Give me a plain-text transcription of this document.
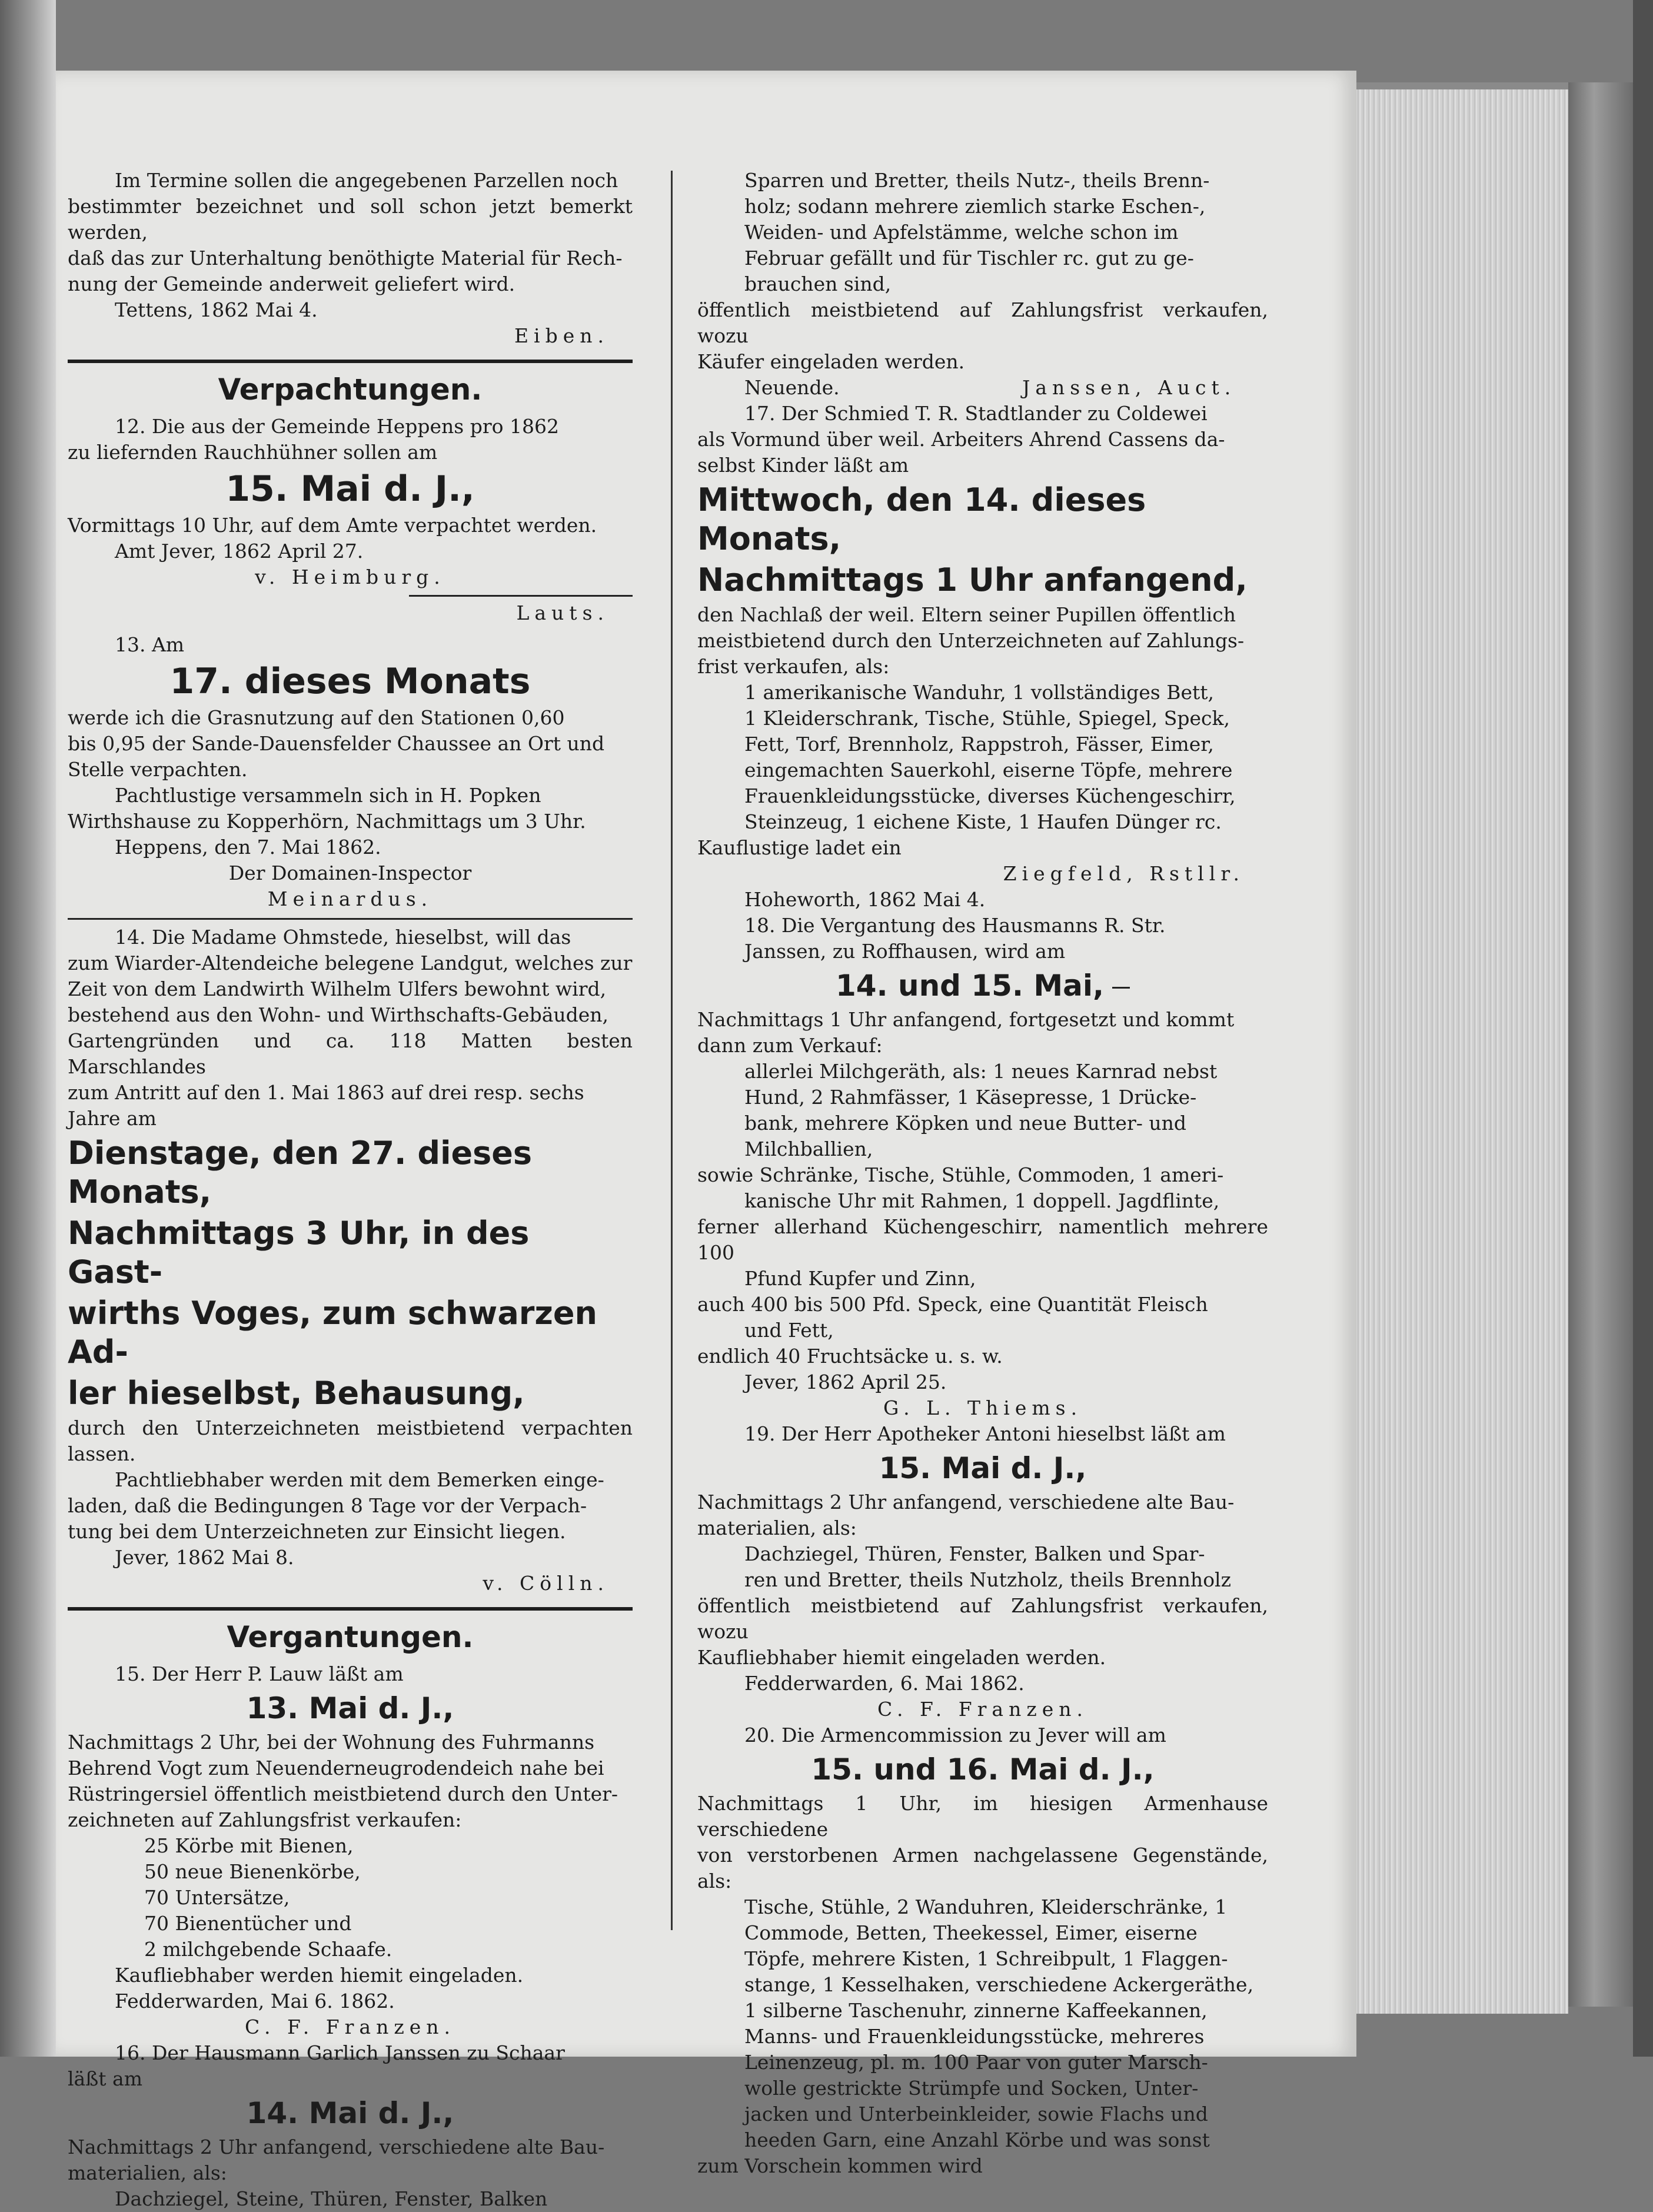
Im Termine sollen die angegebenen Parzellen noch

bestimmter bezeichnet und soll schon jetzt bemerkt werden,

daß das zur Unterhaltung benöthigte Material für Rech-

nung der Gemeinde anderweit geliefert wird.

Tettens, 1862 Mai 4.

Eiben.

Verpachtungen.

12. Die aus der Gemeinde Heppens pro 1862

zu liefernden Rauchhühner sollen am

15. Mai d. J.,

Vormittags 10 Uhr, auf dem Amte verpachtet werden.

Amt Jever, 1862 April 27.

v. Heimburg.

Lauts.

13. Am

17. dieses Monats

werde ich die Grasnutzung auf den Stationen 0,60

bis 0,95 der Sande-Dauensfelder Chaussee an Ort und

Stelle verpachten.

Pachtlustige versammeln sich in H. Popken

Wirthshause zu Kopperhörn, Nachmittags um 3 Uhr.

Heppens, den 7. Mai 1862.

Der Domainen-Inspector

Meinardus.

14. Die Madame Ohmstede, hieselbst, will das

zum Wiarder-Altendeiche belegene Landgut, welches zur

Zeit von dem Landwirth Wilhelm Ulfers bewohnt wird,

bestehend aus den Wohn- und Wirthschafts-Gebäuden,

Gartengründen und ca. 118 Matten besten Marschlandes

zum Antritt auf den 1. Mai 1863 auf drei resp. sechs

Jahre am

Dienstage, den 27. dieses Monats,
Nachmittags 3 Uhr, in des Gast-
wirths Voges, zum schwarzen Ad-
ler hieselbst, Behausung,

durch den Unterzeichneten meistbietend verpachten lassen.

Pachtliebhaber werden mit dem Bemerken einge-

laden, daß die Bedingungen 8 Tage vor der Verpach-

tung bei dem Unterzeichneten zur Einsicht liegen.

Jever, 1862 Mai 8.

v. Cölln.

Vergantungen.

15. Der Herr P. Lauw läßt am

13. Mai d. J.,

Nachmittags 2 Uhr, bei der Wohnung des Fuhrmanns

Behrend Vogt zum Neuenderneugrodendeich nahe bei

Rüstringersiel öffentlich meistbietend durch den Unter-

zeichneten auf Zahlungsfrist verkaufen:

25 Körbe mit Bienen,

50 neue Bienenkörbe,

70 Untersätze,

70 Bienentücher und

2 milchgebende Schaafe.

Kaufliebhaber werden hiemit eingeladen.

Fedderwarden, Mai 6. 1862.

C. F. Franzen.

16. Der Hausmann Garlich Janssen zu Schaar

läßt am

14. Mai d. J.,

Nachmittags 2 Uhr anfangend, verschiedene alte Bau-

materialien, als:

Dachziegel, Steine, Thüren, Fenster, Balken

Sparren und Bretter, theils Nutz-, theils Brenn-

holz; sodann mehrere ziemlich starke Eschen-,

Weiden- und Apfelstämme, welche schon im

Februar gefällt und für Tischler rc. gut zu ge-

brauchen sind,

öffentlich meistbietend auf Zahlungsfrist verkaufen, wozu

Käufer eingeladen werden.

Neuende.	Janssen, Auct.

17. Der Schmied T. R. Stadtlander zu Coldewei

als Vormund über weil. Arbeiters Ahrend Cassens da-

selbst Kinder läßt am

Mittwoch, den 14. dieses Monats,
Nachmittags 1 Uhr anfangend,

den Nachlaß der weil. Eltern seiner Pupillen öffentlich

meistbietend durch den Unterzeichneten auf Zahlungs-

frist verkaufen, als:

1 amerikanische Wanduhr, 1 vollständiges Bett,

1 Kleiderschrank, Tische, Stühle, Spiegel, Speck,

Fett, Torf, Brennholz, Rappstroh, Fässer, Eimer,

eingemachten Sauerkohl, eiserne Töpfe, mehrere

Frauenkleidungsstücke, diverses Küchengeschirr,

Steinzeug, 1 eichene Kiste, 1 Haufen Dünger rc.

Kauflustige ladet ein

Ziegfeld, Rstllr.

Hoheworth, 1862 Mai 4.

18. Die Vergantung des Hausmanns R. Str.

Janssen, zu Roffhausen, wird am

14. und 15. Mai,

Nachmittags 1 Uhr anfangend, fortgesetzt und kommt

dann zum Verkauf:

allerlei Milchgeräth, als: 1 neues Karnrad nebst

Hund, 2 Rahmfässer, 1 Käsepresse, 1 Drücke-

bank, mehrere Köpken und neue Butter- und

Milchballien,

sowie Schränke, Tische, Stühle, Commoden, 1 ameri-

kanische Uhr mit Rahmen, 1 doppell. Jagdflinte,

ferner allerhand Küchengeschirr, namentlich mehrere 100

Pfund Kupfer und Zinn,

auch 400 bis 500 Pfd. Speck, eine Quantität Fleisch

und Fett,

endlich 40 Fruchtsäcke u. s. w.

Jever, 1862 April 25.

G. L. Thiems.

19. Der Herr Apotheker Antoni hieselbst läßt am

15. Mai d. J.,

Nachmittags 2 Uhr anfangend, verschiedene alte Bau-

materialien, als:

Dachziegel, Thüren, Fenster, Balken und Spar-

ren und Bretter, theils Nutzholz, theils Brennholz

öffentlich meistbietend auf Zahlungsfrist verkaufen, wozu

Kaufliebhaber hiemit eingeladen werden.

Fedderwarden, 6. Mai 1862.

C. F. Franzen.

20. Die Armencommission zu Jever will am

15. und 16. Mai d. J.,

Nachmittags 1 Uhr, im hiesigen Armenhause verschiedene

von verstorbenen Armen nachgelassene Gegenstände, als:

Tische, Stühle, 2 Wanduhren, Kleiderschränke, 1

Commode, Betten, Theekessel, Eimer, eiserne

Töpfe, mehrere Kisten, 1 Schreibpult, 1 Flaggen-

stange, 1 Kesselhaken, verschiedene Ackergeräthe,

1 silberne Taschenuhr, zinnerne Kaffeekannen,

Manns- und Frauenkleidungsstücke, mehreres

Leinenzeug, pl. m. 100 Paar von guter Marsch-

wolle gestrickte Strümpfe und Socken, Unter-

jacken und Unterbeinkleider, sowie Flachs und

heeden Garn, eine Anzahl Körbe und was sonst

zum Vorschein kommen wird
